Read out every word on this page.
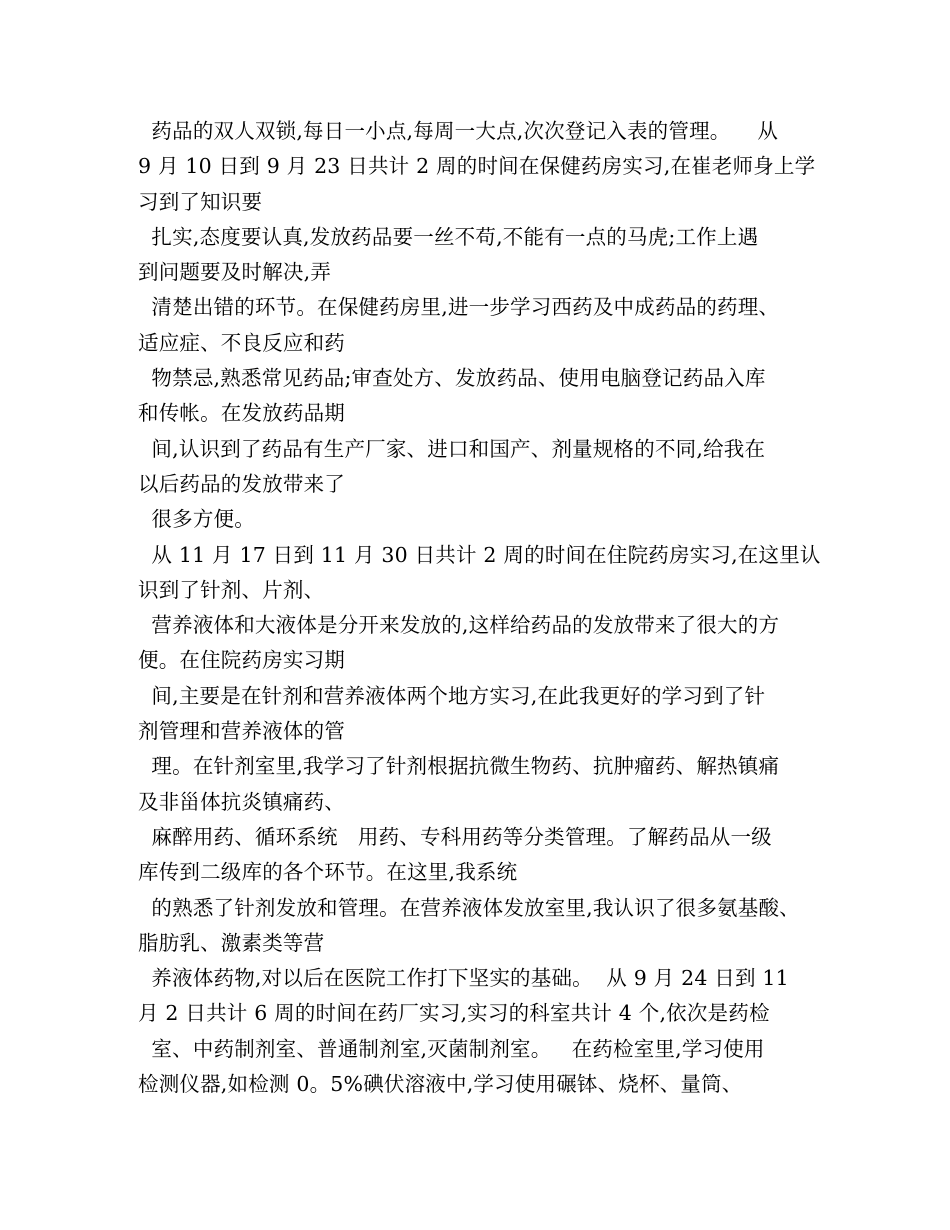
药品的双人双锁,每日一小点,每周一大点,次次登记入表的管理。    从
9 月 10 日到 9 月 23 日共计 2 周的时间在保健药房实习,在崔老师身上学
习到了知识要
扎实,态度要认真,发放药品要一丝不苟,不能有一点的马虎;工作上遇
到问题要及时解决,弄
清楚出错的环节。在保健药房里,进一步学习西药及中成药品的药理、
适应症、不良反应和药
物禁忌,熟悉常见药品;审查处方、发放药品、使用电脑登记药品入库
和传帐。在发放药品期
间,认识到了药品有生产厂家、进口和国产、剂量规格的不同,给我在
以后药品的发放带来了
很多方便。
从 11 月 17 日到 11 月 30 日共计 2 周的时间在住院药房实习,在这里认
识到了针剂、片剂、
营养液体和大液体是分开来发放的,这样给药品的发放带来了很大的方
便。在住院药房实习期
间,主要是在针剂和营养液体两个地方实习,在此我更好的学习到了针
剂管理和营养液体的管
理。在针剂室里,我学习了针剂根据抗微生物药、抗肿瘤药、解热镇痛
及非甾体抗炎镇痛药、
麻醉用药、循环系统   用药、专科用药等分类管理。了解药品从一级
库传到二级库的各个环节。在这里,我系统
的熟悉了针剂发放和管理。在营养液体发放室里,我认识了很多氨基酸、
脂肪乳、激素类等营
养液体药物,对以后在医院工作打下坚实的基础。  从 9 月 24 日到 11
月 2 日共计 6 周的时间在药厂实习,实习的科室共计 4 个,依次是药检
室、中药制剂室、普通制剂室,灭菌制剂室。   在药检室里,学习使用
检测仪器,如检测 0。5%碘伏溶液中,学习使用碾钵、烧杯、量筒、
